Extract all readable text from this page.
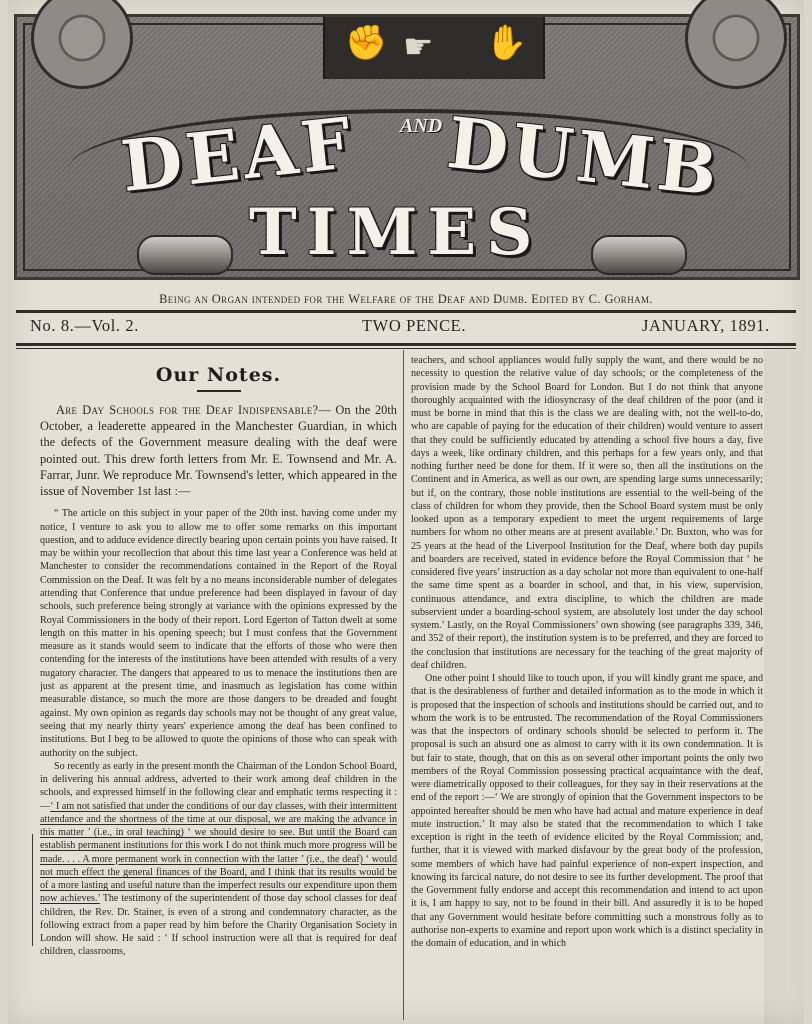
✊ ☛ ✋
DEAF AND DUMB
TIMES
Being an Organ intended for the Welfare of the Deaf and Dumb. Edited by C. Gorham.
No. 8.—Vol. 2.	TWO PENCE.	JANUARY, 1891.
Our Notes.

Are Day Schools for the Deaf Indispensable?— On the 20th October, a leaderette appeared in the Manchester Guardian, in which the defects of the Government measure dealing with the deaf were pointed out. This drew forth letters from Mr. E. Townsend and Mr. A. Farrar, Junr. We reproduce Mr. Townsend's letter, which appeared in the issue of November 1st last :—

“ The article on this subject in your paper of the 20th inst. having come under my notice, I venture to ask you to allow me to offer some remarks on this important question, and to adduce evidence directly bearing upon certain points you have raised. It may be within your recollection that about this time last year a Conference was held at Manchester to consider the recommendations contained in the Report of the Royal Commission on the Deaf. It was felt by a no means inconsiderable number of delegates attending that Conference that undue preference had been displayed in favour of day schools, such preference being strongly at variance with the opinions expressed by the Royal Commissioners in the body of their report. Lord Egerton of Tatton dwelt at some length on this matter in his opening speech; but I must confess that the Government measure as it stands would seem to indicate that the efforts of those who were then contending for the interests of the institutions have been attended with results of a very nugatory character. The dangers that appeared to us to menace the institutions then are just as apparent at the present time, and inasmuch as legislation has come within measurable distance, so much the more are those dangers to be dreaded and fought against. My own opinion as regards day schools may not be thought of any great value, seeing that my nearly thirty years' experience among the deaf has been confined to institutions. But I beg to be allowed to quote the opinions of those who can speak with authority on the subject.

So recently as early in the present month the Chairman of the London School Board, in delivering his annual address, adverted to their work among deaf children in the schools, and expressed himself in the following clear and emphatic terms respecting it :—‘ I am not satisfied that under the conditions of our day classes, with their intermittent attendance and the shortness of the time at our disposal, we are making the advance in this matter ’ (i.e., in oral teaching) ‘ we should desire to see. But until the Board can establish permanent institutions for this work I do not think much more progress will be made. . . . A more permanent work in connection with the latter ’ (i.e., the deaf) ‘ would not much effect the general finances of the Board, and I think that its results would be of a more lasting and useful nature than the imperfect results our expenditure upon them now achieves.’ The testimony of the superintendent of those day school classes for deaf children, the Rev. Dr. Stainer, is even of a strong and condemnatory character, as the following extract from a paper read by him before the Charity Organisation Society in London will show. He said : ‘ If school instruction were all that is required for deaf children, classrooms,

teachers, and school appliances would fully supply the want, and there would be no necessity to question the relative value of day schools; or the completeness of the provision made by the School Board for London. But I do not think that anyone thoroughly acquainted with the idiosyncrasy of the deaf children of the poor (and it must be borne in mind that this is the class we are dealing with, not the well-to-do, who are capable of paying for the education of their children) would venture to assert that they could be sufficiently educated by attending a school five hours a day, five days a week, like ordinary children, and this perhaps for a few years only, and that nothing further need be done for them. If it were so, then all the institutions on the Continent and in America, as well as our own, are spending large sums unnecessarily; but if, on the contrary, those noble institutions are essential to the well-being of the class of children for whom they provide, then the School Board system must be only looked upon as a temporary expedient to meet the urgent requirements of large numbers for whom no other means are at present available.’ Dr. Buxton, who was for 25 years at the head of the Liverpool Institution for the Deaf, where both day pupils and boarders are received, stated in evidence before the Royal Commission that ‘ he considered five years’ instruction as a day scholar not more than equivalent to one-half the same time spent as a boarder in school, and that, in his view, supervision, continuous attendance, and extra discipline, to which the children are made subservient under a boarding-school system, are absolutely lost under the day school system.’ Lastly, on the Royal Commissioners’ own showing (see paragraphs 339, 346, and 352 of their report), the institution system is to be preferred, and they are forced to the conclusion that institutions are necessary for the teaching of the great majority of deaf children.

One other point I should like to touch upon, if you will kindly grant me space, and that is the desirableness of further and detailed information as to the mode in which it is proposed that the inspection of schools and institutions should be carried out, and to whom the work is to be entrusted. The recommendation of the Royal Commissioners was that the inspectors of ordinary schools should be selected to perform it. The proposal is such an absurd one as almost to carry with it its own condemnation. It is but fair to state, though, that on this as on several other important points the only two members of the Royal Commission possessing practical acquaintance with the deaf, were diametrically opposed to their colleagues, for they say in their reservations at the end of the report :—‘ We are strongly of opinion that the Government inspectors to be appointed hereafter should be men who have had actual and mature experience in deaf mute instruction.’ It may also be stated that the recommendation to which I take exception is right in the teeth of evidence elicited by the Royal Commission; and, further, that it is viewed with marked disfavour by the great body of the profession, some members of which have had painful experience of non-expert inspection, and knowing its farcical nature, do not desire to see its further development. The proof that the Government fully endorse and accept this recommendation and intend to act upon it is, I am happy to say, not to be found in their bill. And assuredly it is to be hoped that any Government would hesitate before committing such a monstrous folly as to authorise non-experts to examine and report upon work which is a distinct speciality in the domain of education, and in which
